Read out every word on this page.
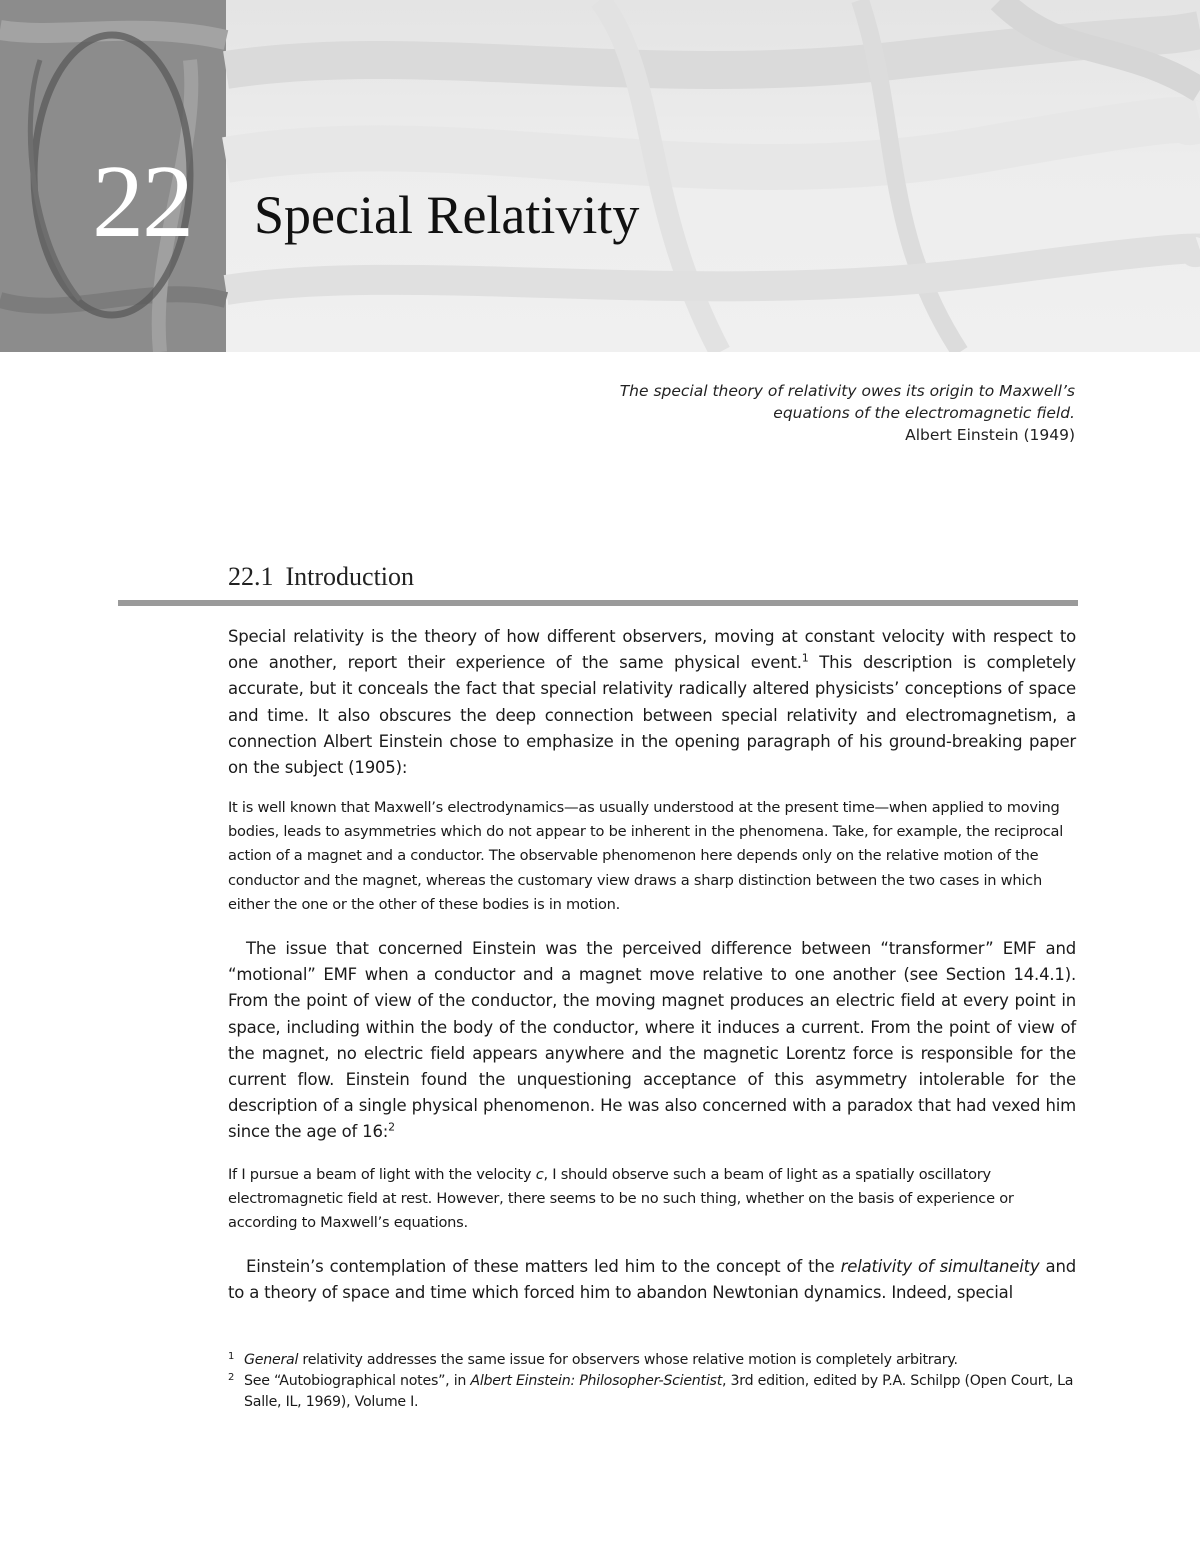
22 Special Relativity
The special theory of relativity owes its origin to Maxwell’s
equations of the electromagnetic field.
Albert Einstein (1949)
22.1 Introduction
Special relativity is the theory of how different observers, moving at constant velocity with respect to one another, report their experience of the same physical event.$^1$ This description is completely accurate, but it conceals the fact that special relativity radically altered physicists’ conceptions of space and time. It also obscures the deep connection between special relativity and electromagnetism, a connection Albert Einstein chose to emphasize in the opening paragraph of his ground-breaking paper on the subject (1905):
It is well known that Maxwell’s electrodynamics—as usually understood at the present time—when applied to moving bodies, leads to asymmetries which do not appear to be inherent in the phenomena. Take, for example, the reciprocal action of a magnet and a conductor. The observable phenomenon here depends only on the relative motion of the conductor and the magnet, whereas the customary view draws a sharp distinction between the two cases in which either the one or the other of these bodies is in motion.
The issue that concerned Einstein was the perceived difference between “transformer” EMF and “motional” EMF when a conductor and a magnet move relative to one another (see Section 14.4.1). From the point of view of the conductor, the moving magnet produces an electric field at every point in space, including within the body of the conductor, where it induces a current. From the point of view of the magnet, no electric field appears anywhere and the magnetic Lorentz force is responsible for the current flow. Einstein found the unquestioning acceptance of this asymmetry intolerable for the description of a single physical phenomenon. He was also concerned with a paradox that had vexed him since the age of 16:$^2$
If I pursue a beam of light with the velocity c, I should observe such a beam of light as a spatially oscillatory electromagnetic field at rest. However, there seems to be no such thing, whether on the basis of experience or according to Maxwell’s equations.
Einstein’s contemplation of these matters led him to the concept of the relativity of simultaneity and to a theory of space and time which forced him to abandon Newtonian dynamics. Indeed, special

1 General relativity addresses the same issue for observers whose relative motion is completely arbitrary.

2 See “Autobiographical notes”, in Albert Einstein: Philosopher-Scientist, 3rd edition, edited by P.A. Schilpp (Open Court, La Salle, IL, 1969), Volume I.
